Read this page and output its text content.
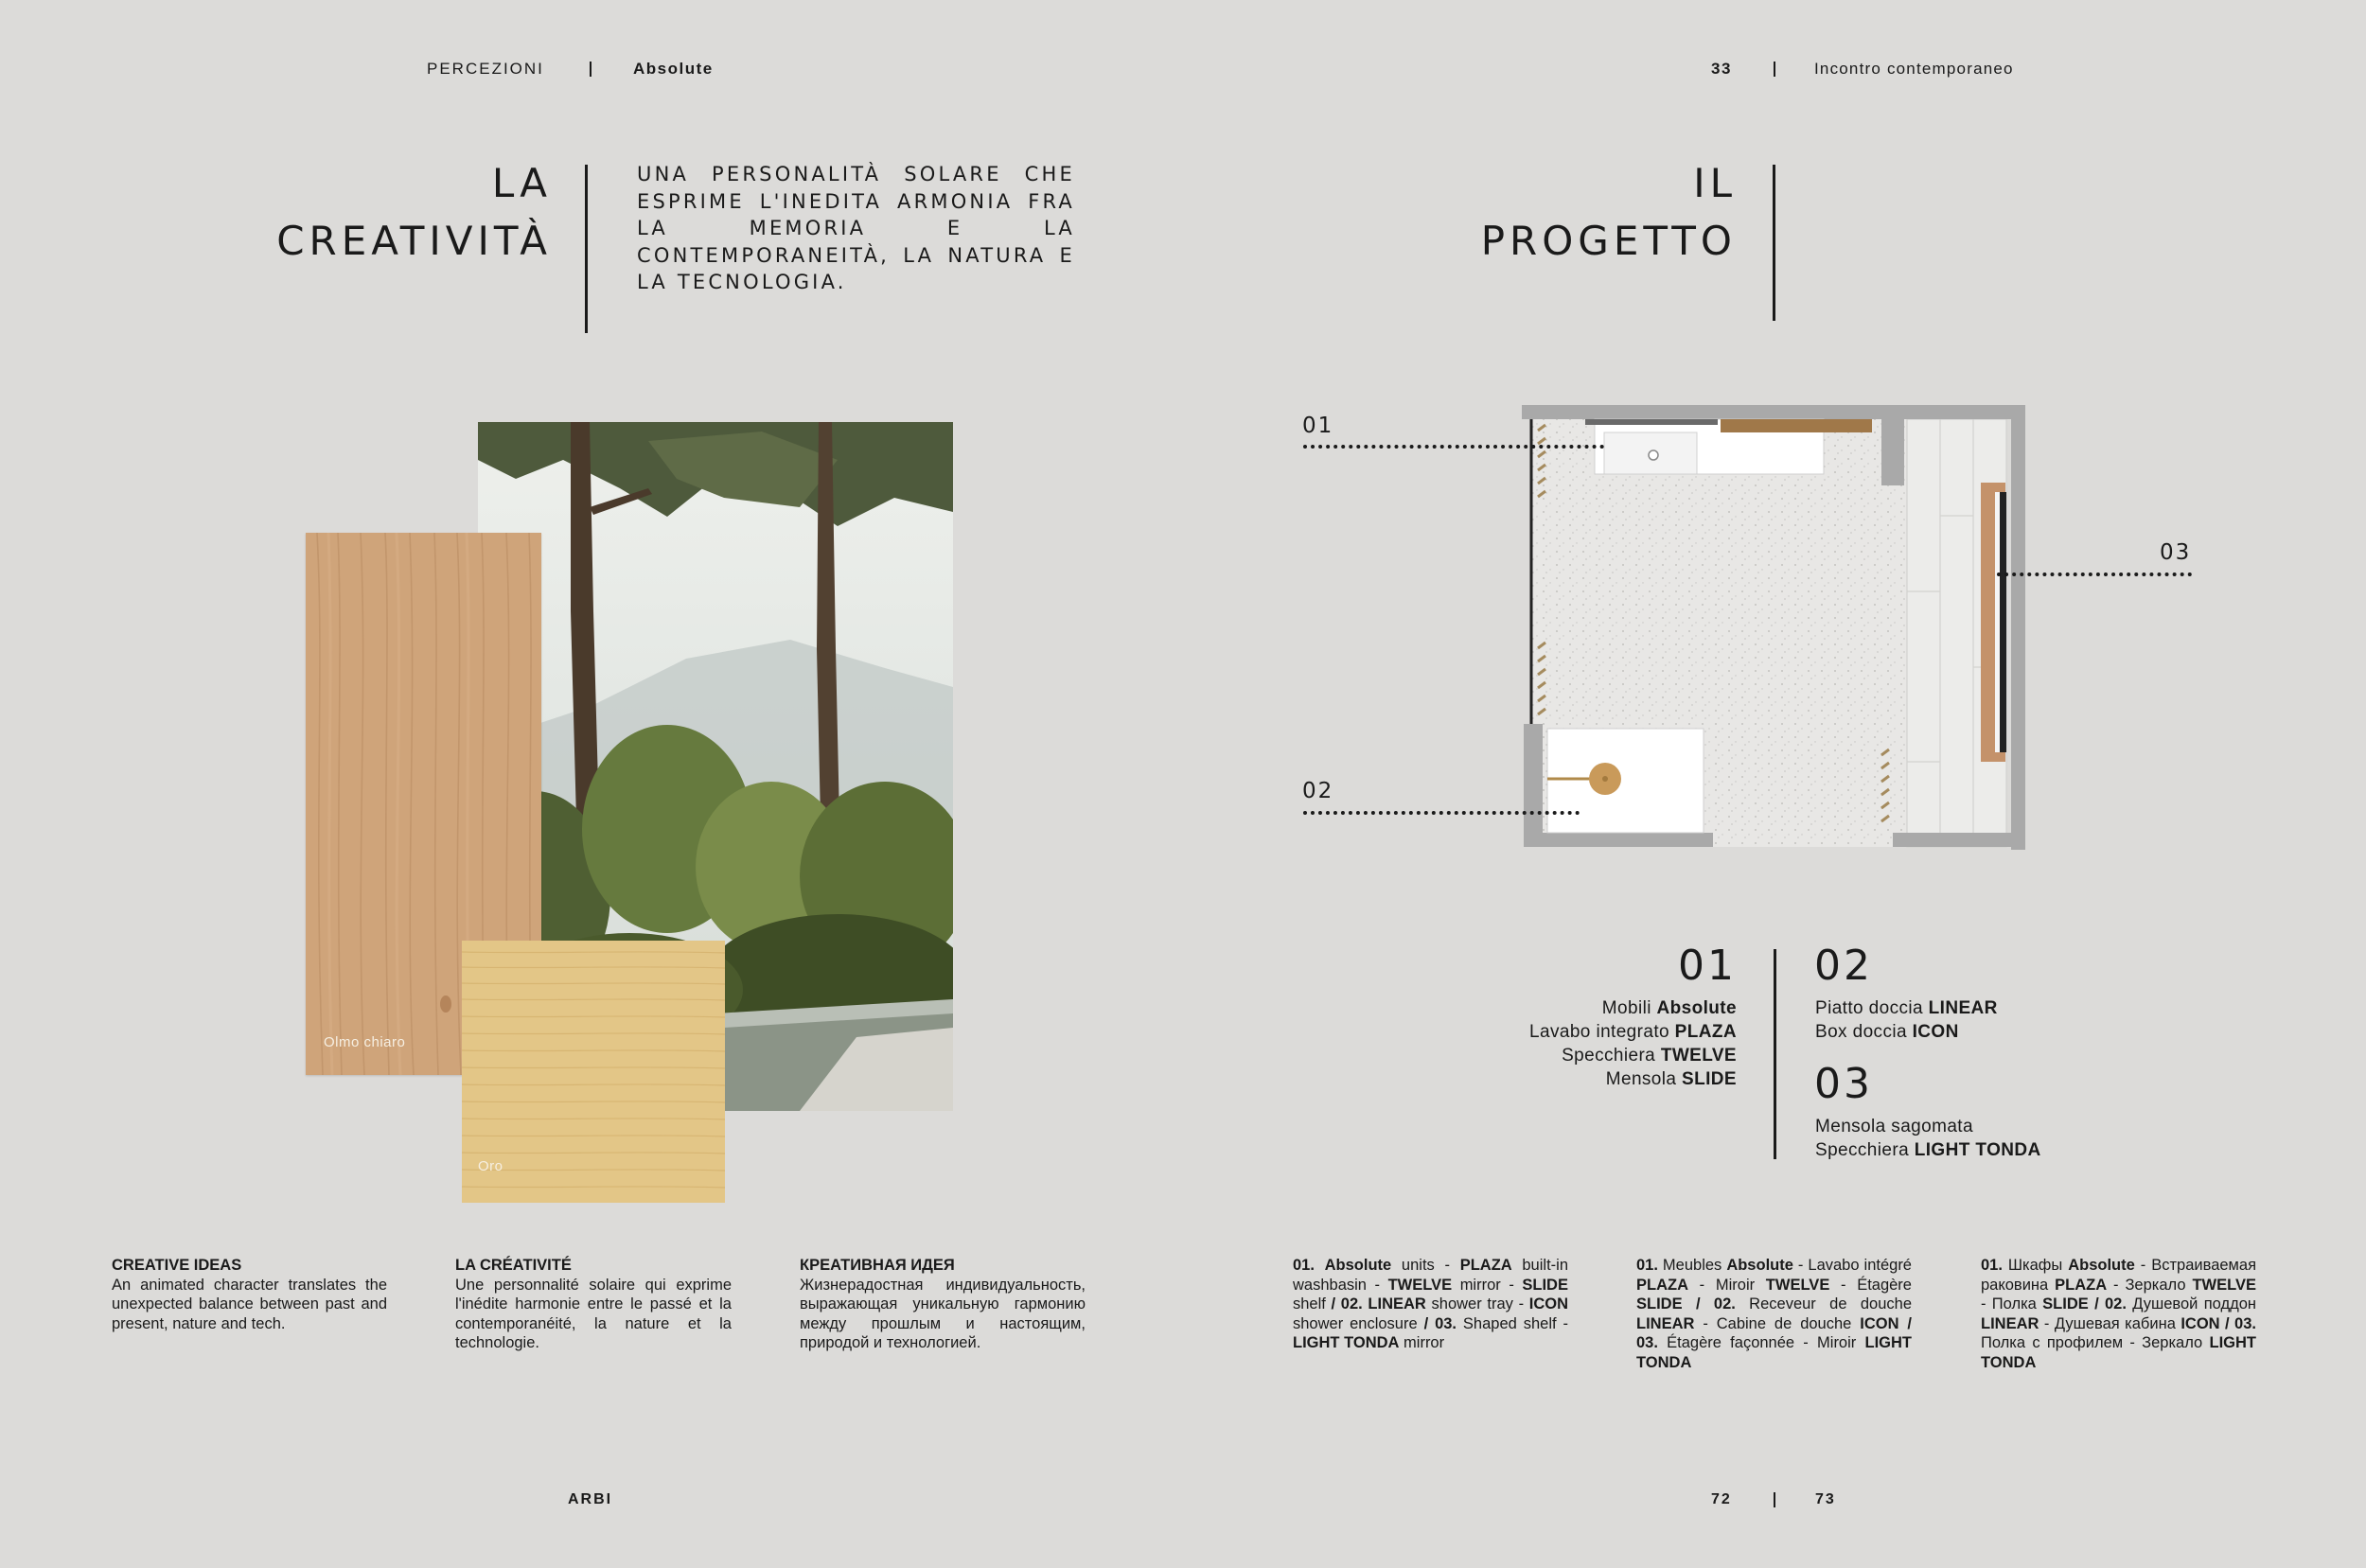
PERCEZIONI	Absolute
LA
CREATIVITÀ
UNA PERSONALITÀ SOLARE CHE ESPRIME L'INEDITA ARMONIA FRA LA MEMORIA E LA CONTEMPORANEITÀ, LA NATURA E LA TECNOLOGIA.
Olmo chiaro
Oro
CREATIVE IDEAS
An animated character translates the unexpected balance between past and present, nature and tech.
LA CRÉATIVITÉ
Une personnalité solaire qui exprime l'inédite harmonie entre le passé et la contemporanéité, la nature et la technologie.
КРЕАТИВНАЯ ИДЕЯ
Жизнерадостная индивидуальность, выражающая уникальную гармонию между прошлым и настоящим, природой и технологией.
ARBI
33	Incontro contemporaneo
IL
PROGETTO
01
02
03
01
Mobili Absolute
Lavabo integrato PLAZA
Specchiera TWELVE
Mensola SLIDE
02
Piatto doccia LINEAR
Box doccia ICON
03
Mensola sagomata
Specchiera LIGHT TONDA
01. Absolute units - PLAZA built-in washbasin - TWELVE mirror - SLIDE shelf / 02. LINEAR shower tray - ICON shower enclosure / 03. Shaped shelf - LIGHT TONDA mirror
01. Meubles Absolute - Lavabo intégré PLAZA - Miroir TWELVE - Étagère SLIDE / 02. Receveur de douche LINEAR - Cabine de douche ICON / 03. Étagère façonnée - Miroir LIGHT TONDA
01. Шкафы Absolute - Встраиваемая раковина PLAZA - Зеркало TWELVE - Полка SLIDE / 02. Душевой поддон LINEAR - Душевая кабина ICON / 03. Полка с профилем - Зеркало LIGHT TONDA
72	73
